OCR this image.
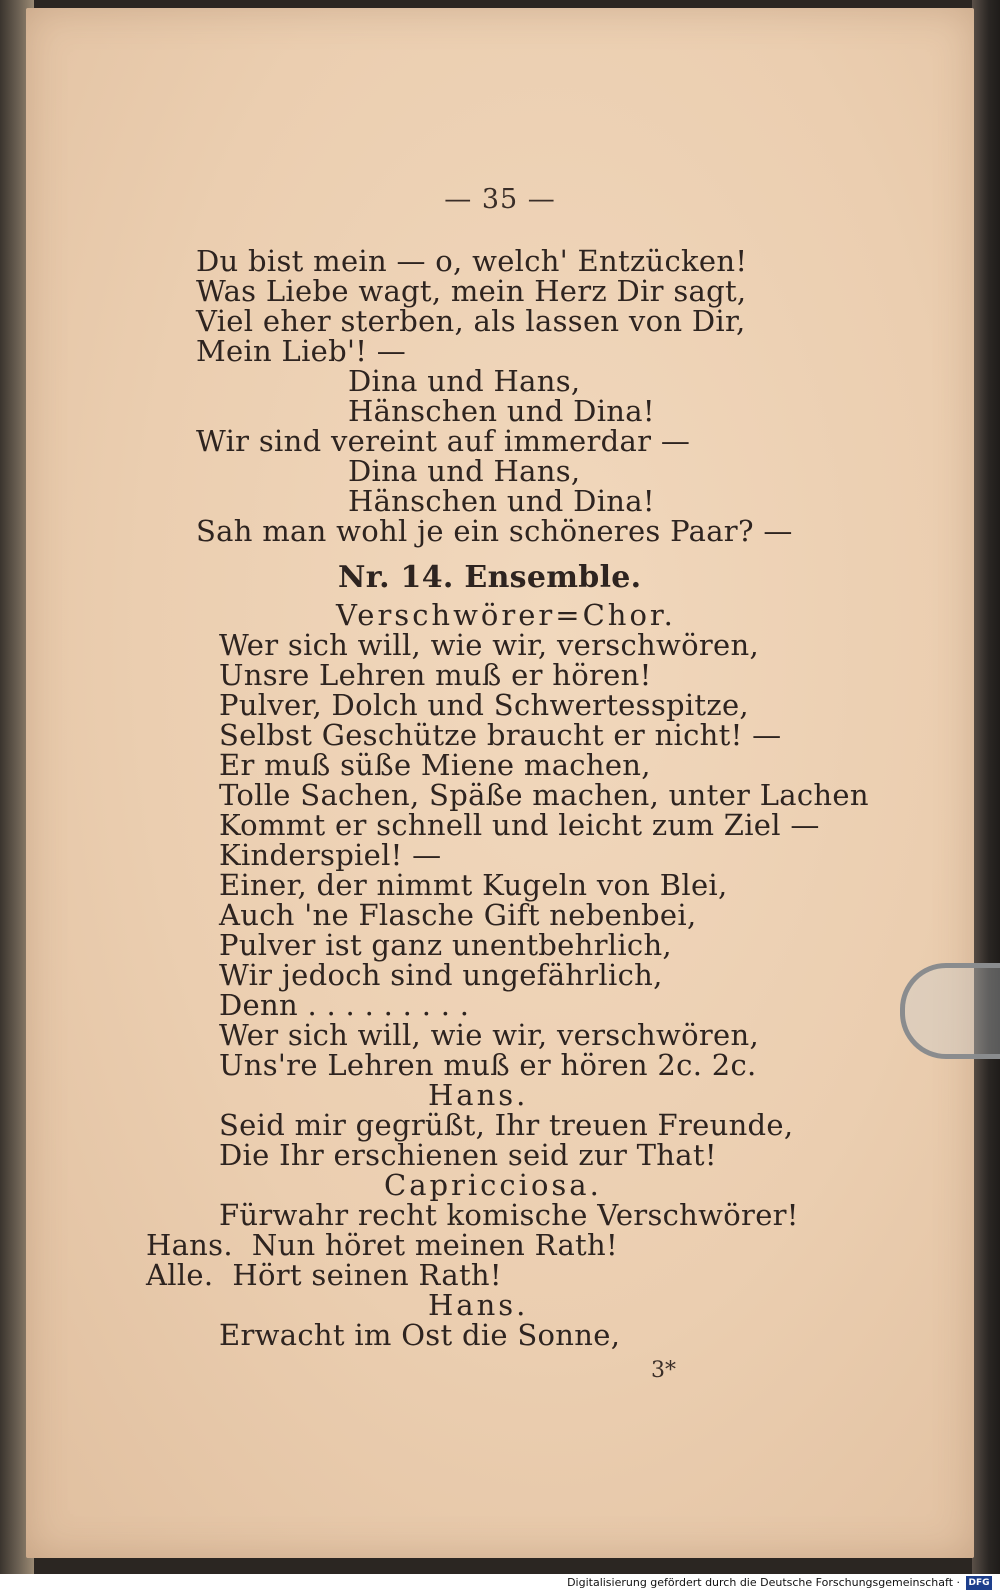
— 35 —
Du bist mein — o, welch' Entzücken!
Was Liebe wagt, mein Herz Dir sagt,
Viel eher sterben, als lassen von Dir,
Mein Lieb'! —
Dina und Hans,
Hänschen und Dina!
Wir sind vereint auf immerdar —
Dina und Hans,
Hänschen und Dina!
Sah man wohl je ein schöneres Paar? —
Nr. 14. Ensemble.
Verschwörer=Chor.
Wer sich will, wie wir, verschwören,
Unsre Lehren muß er hören!
Pulver, Dolch und Schwertesspitze,
Selbst Geschütze braucht er nicht! —
Er muß süße Miene machen,
Tolle Sachen, Späße machen, unter Lachen
Kommt er schnell und leicht zum Ziel —
Kinderspiel! —
Einer, der nimmt Kugeln von Blei,
Auch 'ne Flasche Gift nebenbei,
Pulver ist ganz unentbehrlich,
Wir jedoch sind ungefährlich,
Denn . . . . . . . . .
Wer sich will, wie wir, verschwören,
Uns're Lehren muß er hören 2c. 2c.
Hans.
Seid mir gegrüßt, Ihr treuen Freunde,
Die Ihr erschienen seid zur That!
Capricciosa.
Fürwahr recht komische Verschwörer!
Hans.  Nun höret meinen Rath!
Alle.  Hört seinen Rath!
Hans.
Erwacht im Ost die Sonne,
3*
Digitalisierung gefördert durch die Deutsche Forschungsgemeinschaft · DFG
